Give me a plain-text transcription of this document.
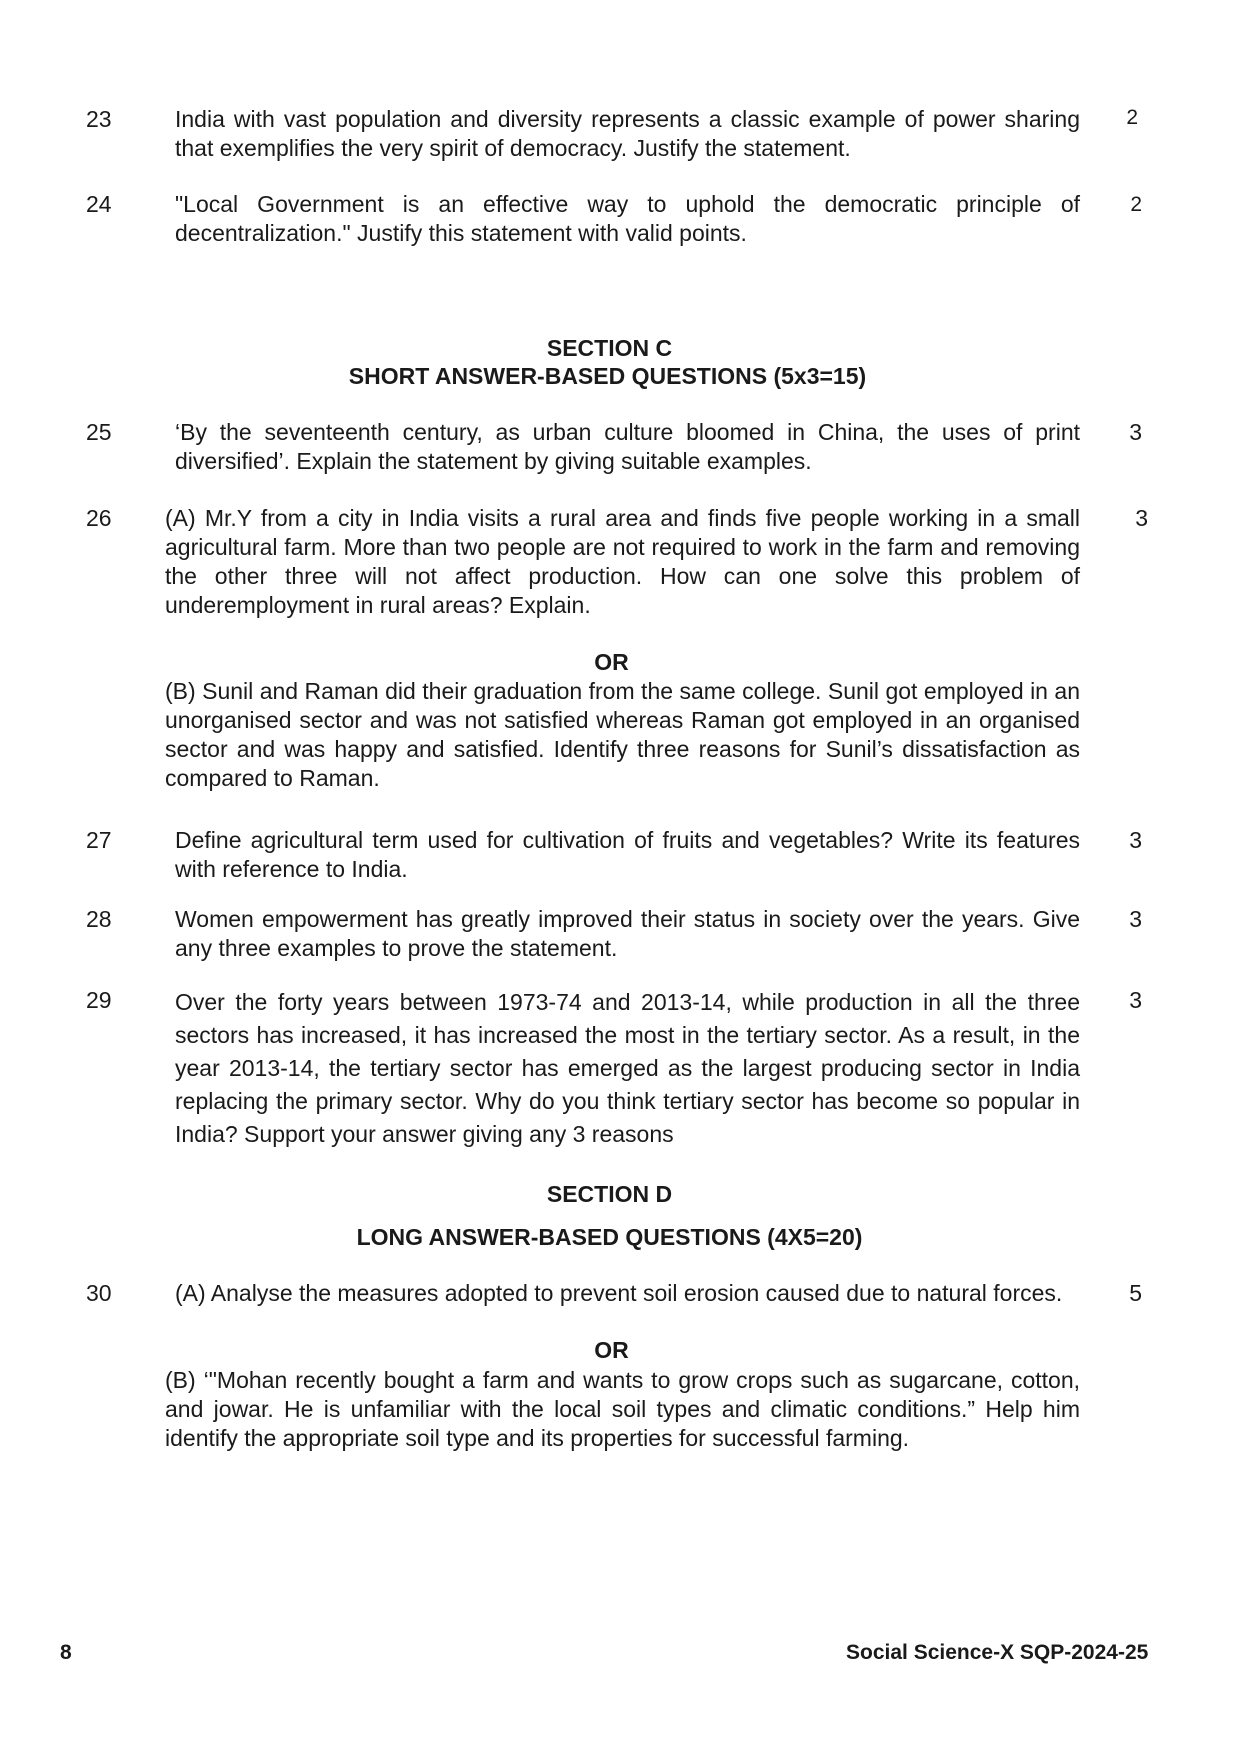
23	India with vast population and diversity represents a classic example of power sharing that exemplifies the very spirit of democracy. Justify the statement.
2
24	"Local Government is an effective way to uphold the democratic principle of decentralization." Justify this statement with valid points.
2
SECTION C
SHORT ANSWER-BASED QUESTIONS (5x3=15)
25	‘By the seventeenth century, as urban culture bloomed in China, the uses of print diversified’. Explain the statement by giving suitable examples.
3
26 (A) Mr.Y from a city in India visits a rural area and finds five people working in a small agricultural farm. More than two people are not required to work in the farm and removing the other three will not affect production. How can one solve this problem of underemployment in rural areas? Explain.
3
OR
(B) Sunil and Raman did their graduation from the same college. Sunil got employed in an unorganised sector and was not satisfied whereas Raman got employed in an organised sector and was happy and satisfied. Identify three reasons for Sunil’s dissatisfaction as compared to Raman.
27	Define agricultural term used for cultivation of fruits and vegetables? Write its features with reference to India.
3
28	Women empowerment has greatly improved their status in society over the years. Give any three examples to prove the statement.
3
29	Over the forty years between 1973-74 and 2013-14, while production in all the three sectors has increased, it has increased the most in the tertiary sector. As a result, in the year 2013-14, the tertiary sector has emerged as the largest producing sector in India replacing the primary sector. Why do you think tertiary sector has become so popular in India? Support your answer giving any 3 reasons
3
SECTION D
LONG ANSWER-BASED QUESTIONS (4X5=20)
30	(A) Analyse the measures adopted to prevent soil erosion caused due to natural forces.	5
OR
(B) ‘"Mohan recently bought a farm and wants to grow crops such as sugarcane, cotton, and jowar. He is unfamiliar with the local soil types and climatic conditions.” Help him identify the appropriate soil type and its properties for successful farming.
8	Social Science-X SQP-2024-25
